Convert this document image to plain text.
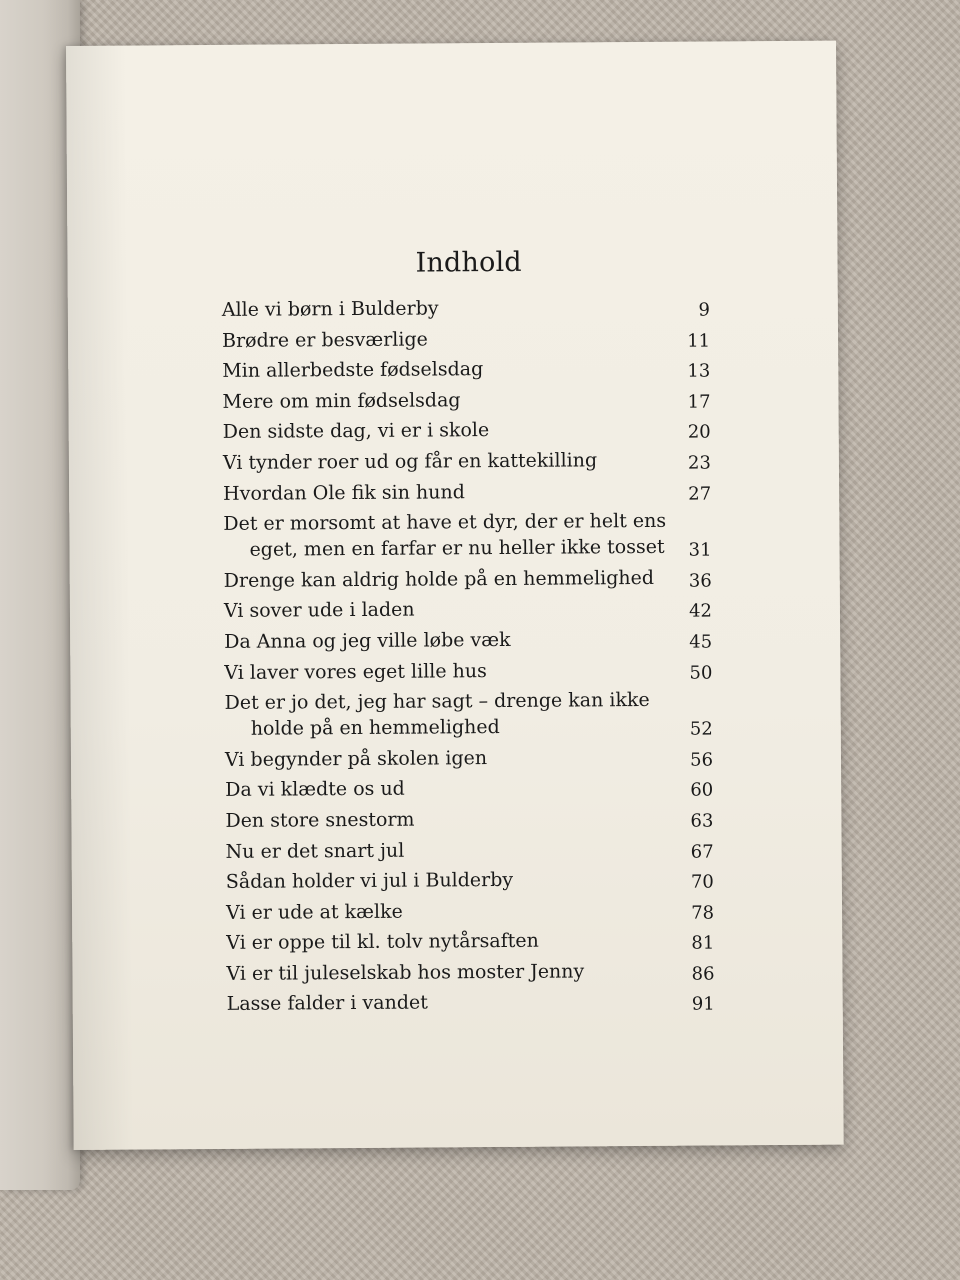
Indhold
Alle vi børn i Bulderby	9
Brødre er besværlige	11
Min allerbedste fødselsdag	13
Mere om min fødselsdag	17
Den sidste dag, vi er i skole	20
Vi tynder roer ud og får en kattekilling	23
Hvordan Ole fik sin hund	27
Det er morsomt at have et dyr, der er helt ens eget, men en farfar er nu heller ikke tosset	31
Drenge kan aldrig holde på en hemmelighed 36
Vi sover ude i laden	42
Da Anna og jeg ville løbe væk	45
Vi laver vores eget lille hus	50
Det er jo det, jeg har sagt – drenge kan ikke holde på en hemmelighed	52
Vi begynder på skolen igen	56
Da vi klædte os ud	60
Den store snestorm	63
Nu er det snart jul	67
Sådan holder vi jul i Bulderby	70
Vi er ude at kælke	78
Vi er oppe til kl. tolv nytårsaften	81
Vi er til juleselskab hos moster Jenny	86
Lasse falder i vandet	91
